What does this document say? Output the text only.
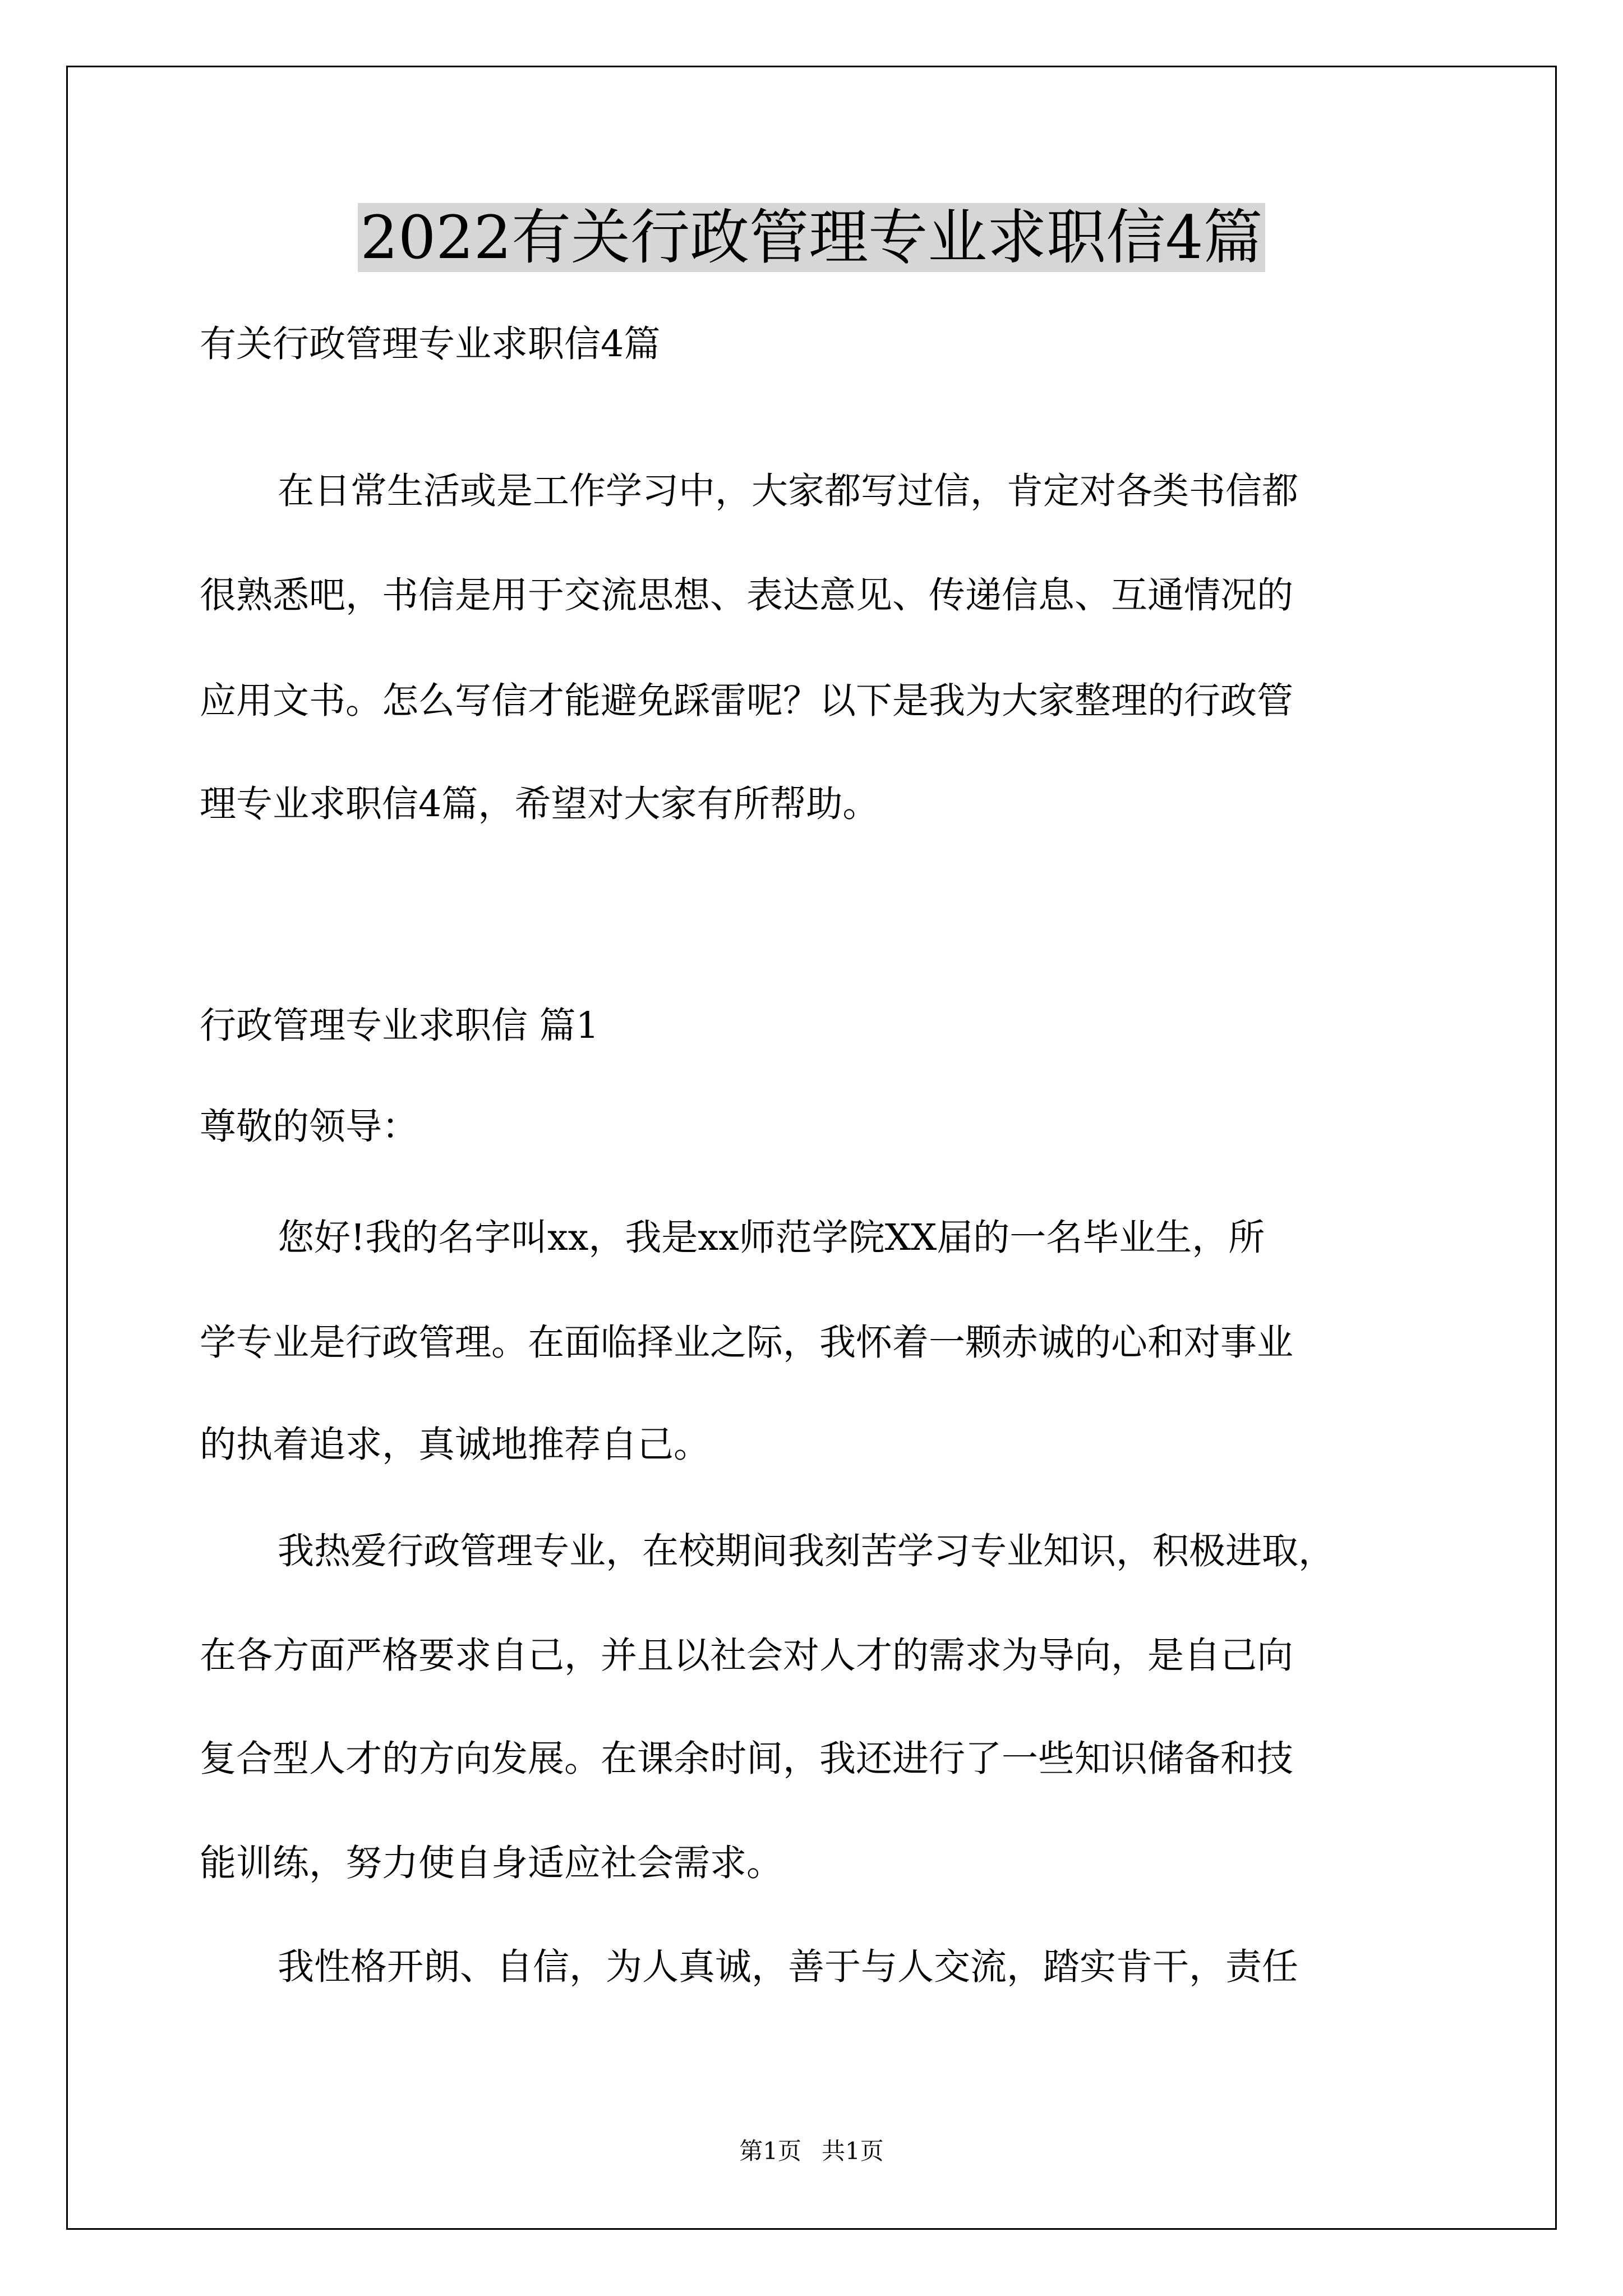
2022有关行政管理专业求职信4篇

有关行政管理专业求职信4篇

在日常生活或是工作学习中，大家都写过信，肯定对各类书信都

很熟悉吧，书信是用于交流思想、表达意见、传递信息、互通情况的

应用文书。怎么写信才能避免踩雷呢？以下是我为大家整理的行政管

理专业求职信4篇，希望对大家有所帮助。

行政管理专业求职信 篇1

尊敬的领导：

您好!我的名字叫xx，我是xx师范学院XX届的一名毕业生，所

学专业是行政管理。在面临择业之际，我怀着一颗赤诚的心和对事业

的执着追求，真诚地推荐自己。

我热爱行政管理专业，在校期间我刻苦学习专业知识，积极进取，

在各方面严格要求自己，并且以社会对人才的需求为导向，是自己向

复合型人才的方向发展。在课余时间，我还进行了一些知识储备和技

能训练，努力使自身适应社会需求。

我性格开朗、自信，为人真诚，善于与人交流，踏实肯干，责任

第1页 共1页
